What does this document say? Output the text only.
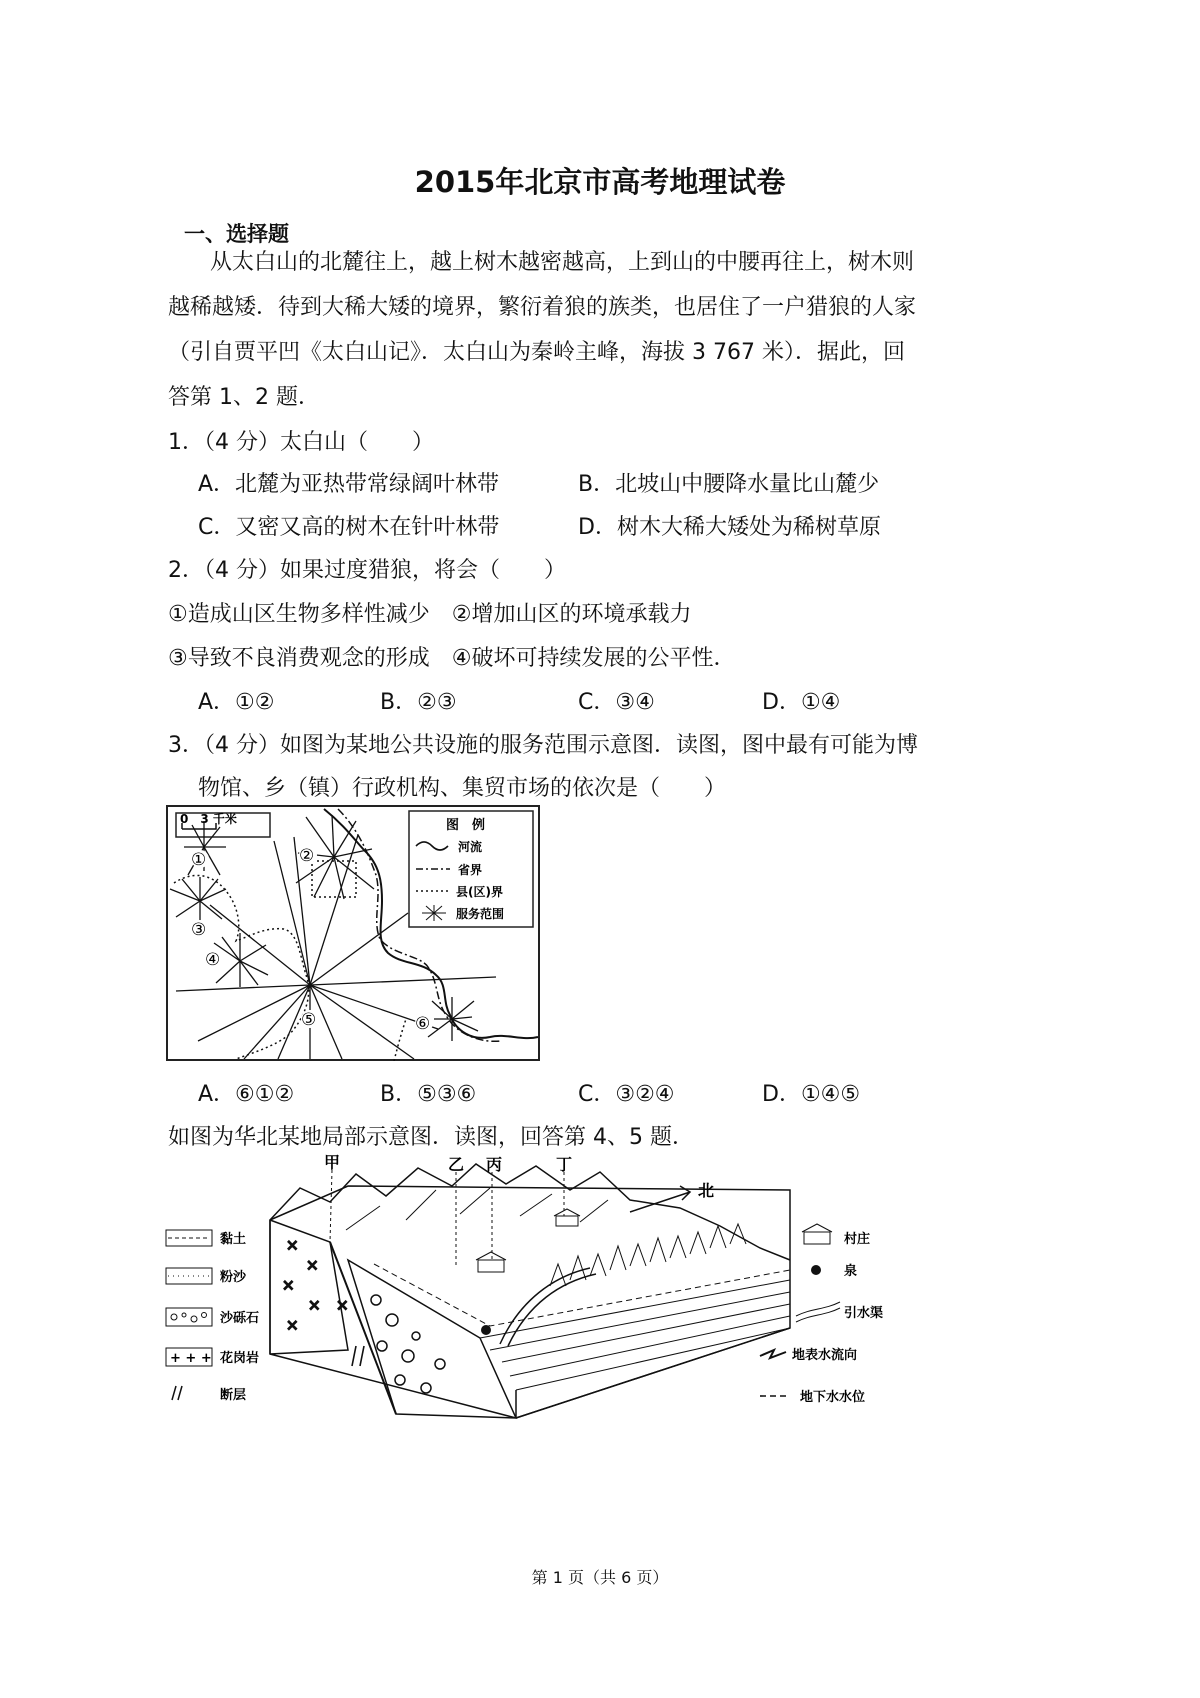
2015年北京市高考地理试卷
一、选择题
从太白山的北麓往上，越上树木越密越高，上到山的中腰再往上，树木则
越稀越矮．待到大稀大矮的境界，繁衍着狼的族类，也居住了一户猎狼的人家
（引自贾平凹《太白山记》．太白山为秦岭主峰，海拔 3 767 米）．据此，回
答第 1、2 题．
1．（4 分）太白山（　　）
A．北麓为亚热带常绿阔叶林带	B．北坡山中腰降水量比山麓少
C．又密又高的树木在针叶林带	D．树木大稀大矮处为稀树草原
2．（4 分）如果过度猎狼，将会（　　）
①造成山区生物多样性减少　②增加山区的环境承载力
③导致不良消费观念的形成　④破坏可持续发展的公平性．
A．①②	B．②③	C．③④	D．①④
3．（4 分）如图为某地公共设施的服务范围示意图．读图，图中最有可能为博
物馆、乡（镇）行政机构、集贸市场的依次是（　　）
0　3 千米	图　例
河流
省界
县(区)界
服务范围
①	②
③
④
⑤	⑥
A．⑥①②	B．⑤③⑥	C．③②④	D．①④⑤
如图为华北某地局部示意图．读图，回答第 4、5 题．
黏土
粉沙
沙砾石
+ + + 花岗岩
断层
×
×
×
×
×
×
甲	乙 丙	丁
北
村庄
泉
引水渠
地表水流向
地下水水位
第 1 页（共 6 页）
